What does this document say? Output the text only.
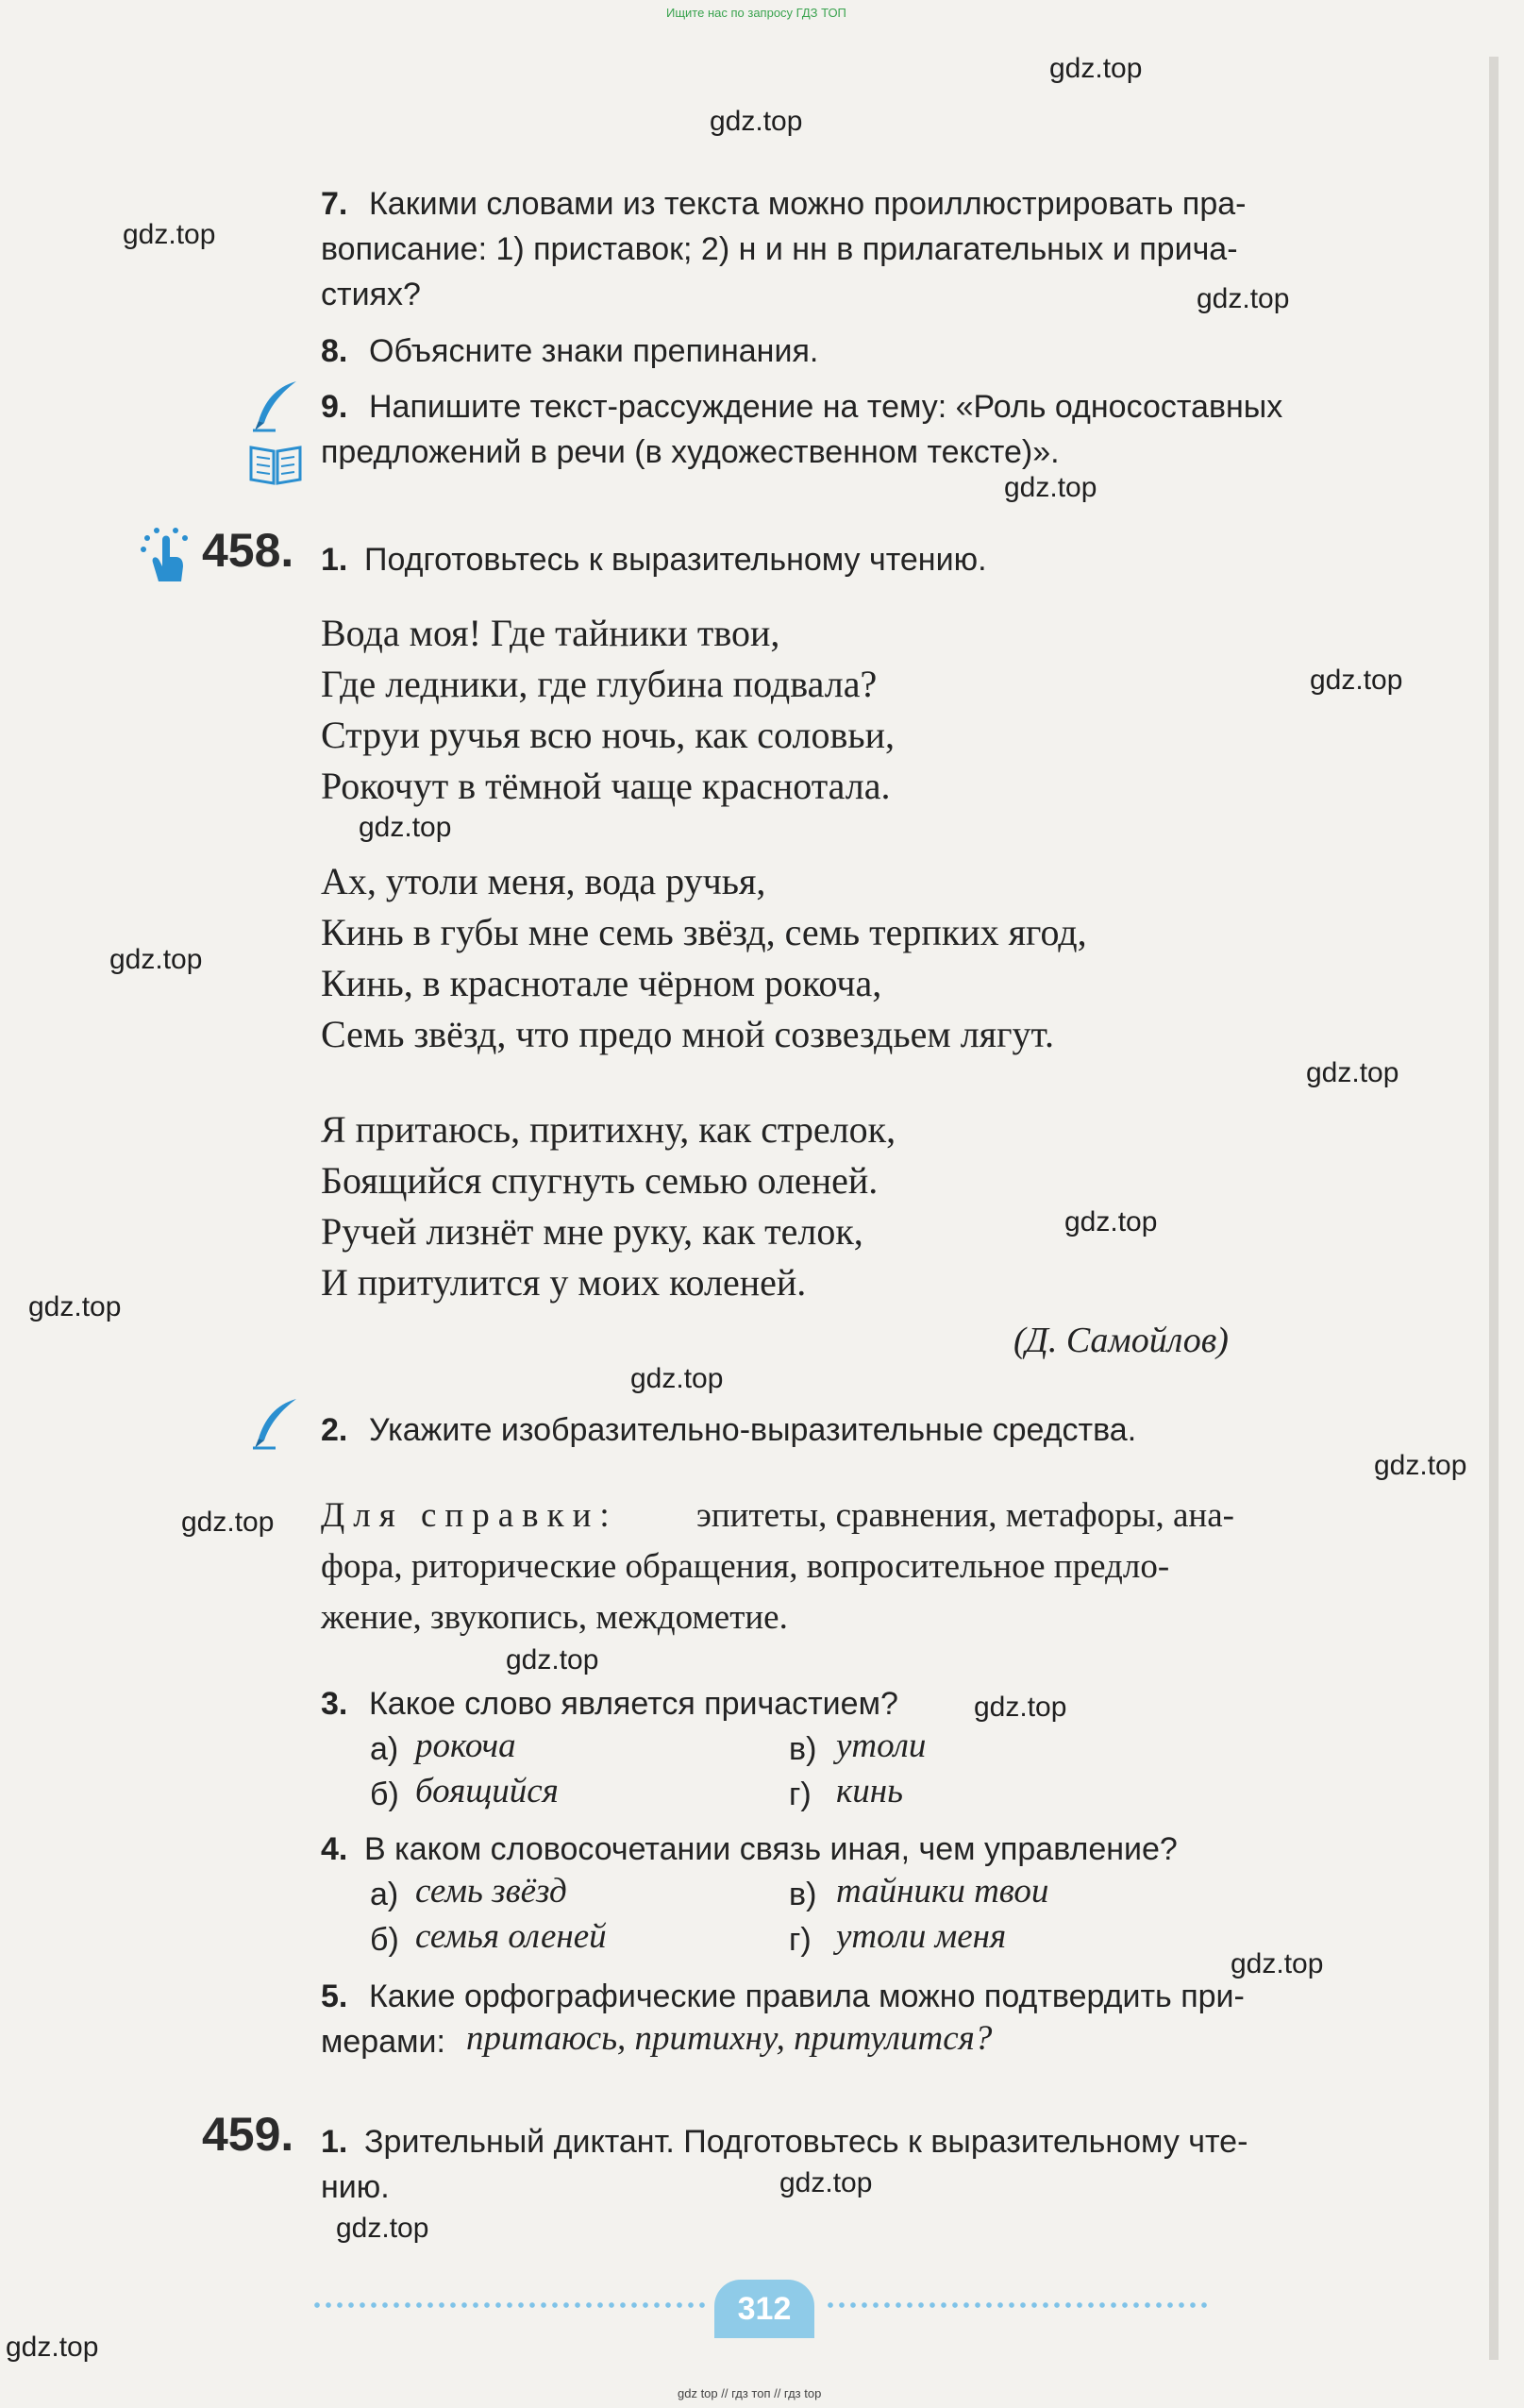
Ищите нас по запросу ГДЗ ТОП
7. Какими словами из текста можно проиллюстрировать пра-
вописание: 1) приставок; 2) н и нн в прилагательных и прича-
стиях?
8. Объясните знаки препинания.
9. Напишите текст-рассуждение на тему: «Роль односоставных
предложений в речи (в художественном тексте)».
458. 1. Подготовьтесь к выразительному чтению.
Вода моя! Где тайники твои,
Где ледники, где глубина подвала?
Струи ручья всю ночь, как соловьи,
Рокочут в тёмной чаще краснотала.
Ах, утоли меня, вода ручья,
Кинь в губы мне семь звёзд, семь терпких ягод,
Кинь, в краснотале чёрном рокоча,
Семь звёзд, что предо мной созвездьем лягут.
Я притаюсь, притихну, как стрелок,
Боящийся спугнуть семью оленей.
Ручей лизнёт мне руку, как телок,
И притулится у моих коленей.
(Д. Самойлов)
2. Укажите изобразительно-выразительные средства.
Для справки: эпитеты, сравнения, метафоры, ана-
фора, риторические обращения, вопросительное предло-
жение, звукопись, междометие.
3. Какое слово является причастием?
а) рокоча	в) утоли
б) боящийся	г) кинь
4. В каком словосочетании связь иная, чем управление?
а) семь звёзд	в) тайники твои
б) семья оленей	г) утоли меня
5. Какие орфографические правила можно подтвердить при-
мерами: притаюсь, притихну, притулится?
459. 1. Зрительный диктант. Подготовьтесь к выразительному чте-
нию.
312
gdz top // гдз топ // гдз top
gdz.top
gdz.top
gdz.top
gdz.top
gdz.top
gdz.top
gdz.top
gdz.top
gdz.top
gdz.top
gdz.top
gdz.top
gdz.top
gdz.top
gdz.top
gdz.top
gdz.top
gdz.top
gdz.top
gdz.top
